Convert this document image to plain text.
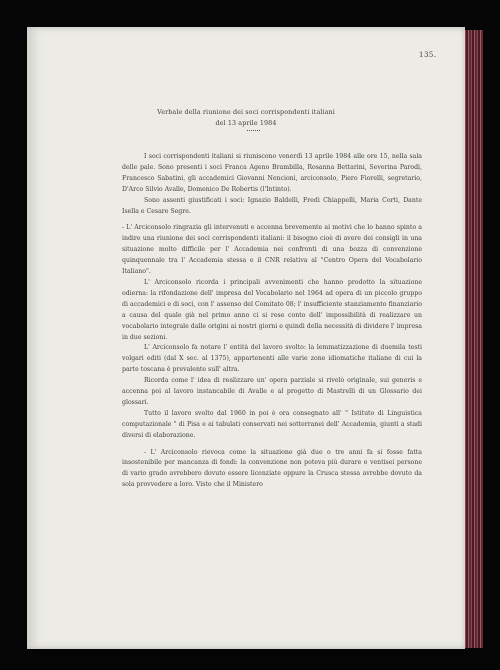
135.
Verbale della riunione dei soci corrispondenti italiani
del 13 aprile 1984

I soci corrispondenti italiani si riuniscono venerdì 13 aprile 1984 alle ore 15, nella sala delle pale. Sono presenti i soci Franca Ageno Brambilla, Rosanna Bettarini, Severina Parodi, Francesco Sabatini, gli accademici Giovanni Nencioni, arciconsolo, Piero Fiorelli, segretario, D'Arco Silvio Avalle, Domenico De Robertis (l'Intinto).

Sono assenti giustificati i soci: Ignazio Baldelli, Fredi Chiappelli, Maria Corti, Dante Isella e Cesare Segre.

- L' Arciconsolo ringrazia gli intervenuti e accenna brevemente ai motivi che lo hanno spinto a indire una riunione dei soci corrispondenti italiani: il bisogno cioè di avere dei consigli in una situazione molto difficile per l' Accademia nei confronti di una bozza di convenzione quinquennale tra l' Accademia stessa e il CNR relativa al "Centro Opera del Vocabolario Italiano".

L' Arciconsolo ricorda i principali avvenimenti che hanno prodotto la situazione odierna: la rifondazione dell' impresa del Vocabolario nel 1964 ad opera di un piccolo gruppo di accademici e di soci, con l' assenso del Comitato 08; l' insufficiente stanziamento finanziario a causa del quale già nel primo anno ci si rese conto dell' impossibilità di realizzare un vocabolario integrale dalle origini ai nostri giorni e quindi della necessità di dividere l' impresa in due sezioni.

L' Arciconsolo fa notare l' entità del lavoro svolto: la lemmatizzazione di duemila testi volgari editi (dal X sec. al 1375), appartenenti alle varie zone idiomatiche italiane di cui la parte toscana è prevalente sull' altra.

Ricorda come l' idea di realizzare un' opera parziale si rivelò originale, sui generis e accenna poi al lavoro instancabile di Avalle e al progetto di Mastrelli di un Glossario dei glossari.

Tutto il lavoro svolto dal 1960 in poi è ora consegnato all' " Istituto di Linguistica computazionale " di Pisa e ai tabulati conservati nei sotterranei dell' Accademia, giunti a stadi diversi di elaborazione.

- L' Arciconsolo rievoca come la situazione già due o tre anni fa si fosse fatta insostenibile per mancanza di fondi: la convenzione non poteva più durare e ventisei persone di vario grado avrebbero dovuto essere licenziate oppure la Crusca stessa avrebbe dovuto da sola provvedere a loro. Visto che il Ministero
